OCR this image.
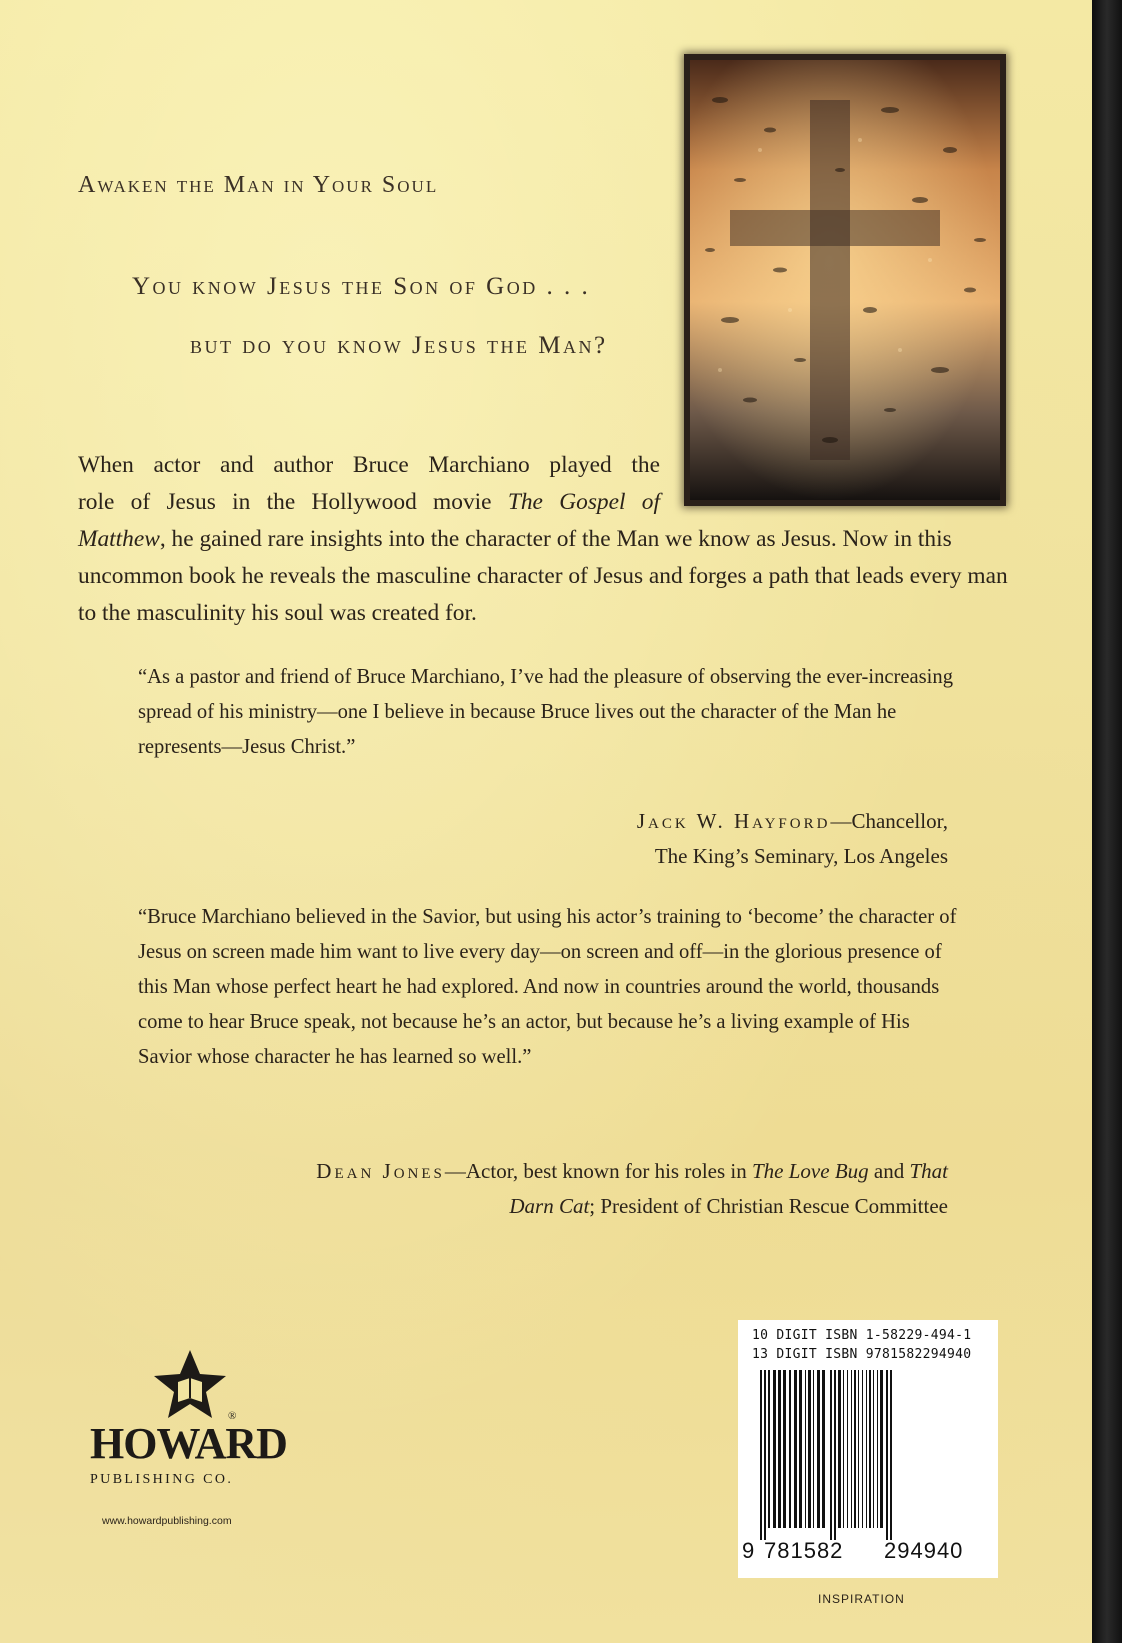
Awaken the Man in Your Soul
You know Jesus the Son of God . . .
but do you know Jesus the Man?

When actor and author Bruce Marchiano played the
role of Jesus in the Hollywood movie The Gospel of
Matthew, he gained rare insights into the character of the Man we know as Jesus. Now in this uncommon book he reveals the masculine character of Jesus and forges a path that leads every man to the masculinity his soul was created for.

“As a pastor and friend of Bruce Marchiano, I’ve had the pleasure of observing the ever-increasing spread of his ministry—one I believe in because Bruce lives out the character of the Man he represents—Jesus Christ.”
Jack W. Hayford—Chancellor,
The King’s Seminary, Los Angeles
“Bruce Marchiano believed in the Savior, but using his actor’s training to ‘become’ the character of Jesus on screen made him want to live every day—on screen and off—in the glorious presence of this Man whose perfect heart he had explored. And now in countries around the world, thousands come to hear Bruce speak, not because he’s an actor, but because he’s a living example of His Savior whose character he has learned so well.”
Dean Jones—Actor, best known for his roles in The Love Bug and That
Darn Cat; President of Christian Rescue Committee
HOWARD
®
PUBLISHING CO.
www.howardpublishing.com
10 DIGIT ISBN 1-58229-494-1
13 DIGIT ISBN 9781582294940
9 781582 294940
INSPIRATION
